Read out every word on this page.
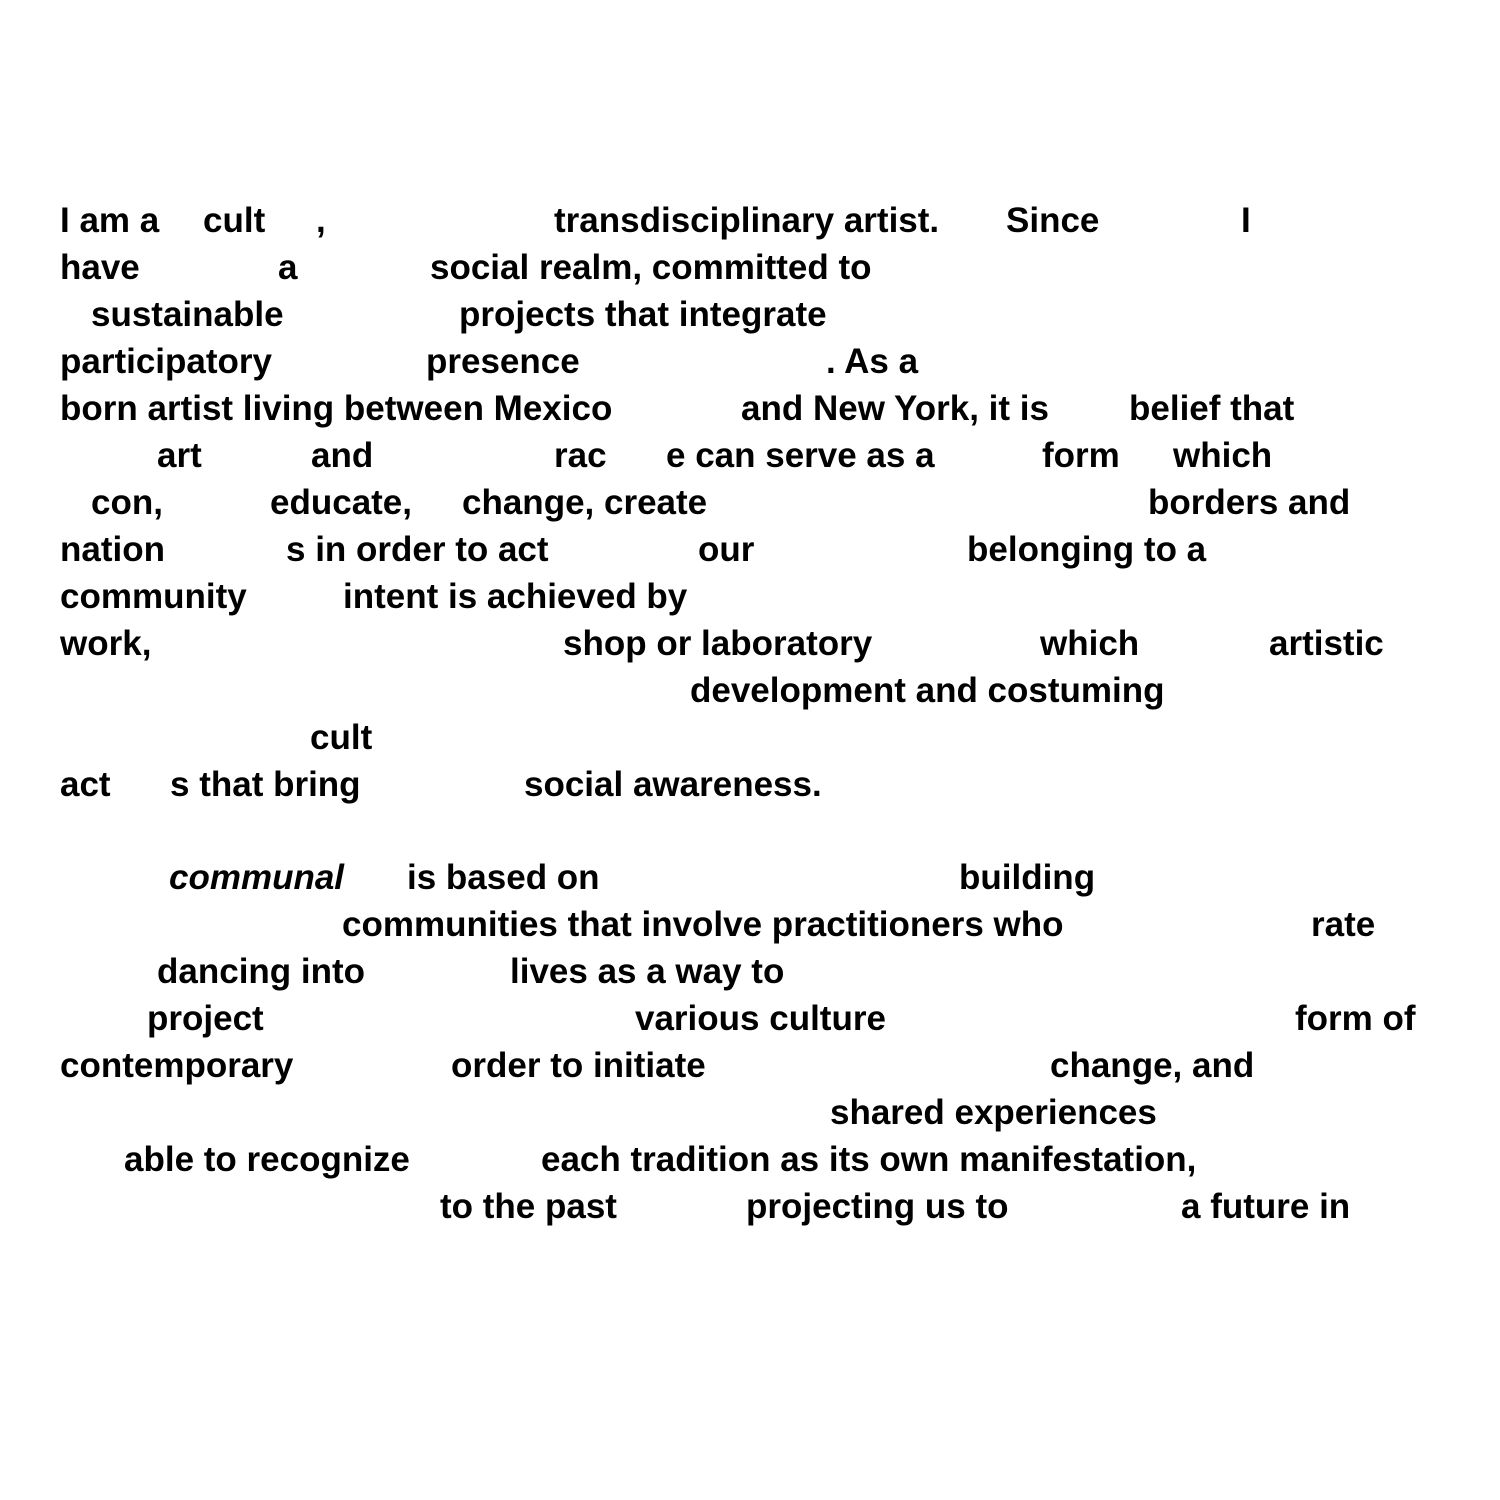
I am a cult ,	transdisciplinary artist. Since	I
have	a	social realm, committed to
sustainable	projects that integrate
participatory	presence	. As a
born artist living between Mexico	and New York, it is belief that
art	and	rac e can serve as a	form which
con,	educate, change, create	borders and
nation	s in order to act	our	belonging to a
community	intent is achieved by
work,	shop or laboratory	which	artistic
development and costuming
cult
act s that bring	social awareness.
communal is based on	building
communities that involve practitioners who	rate
dancing into	lives as a way to
project	various culture	form of
contemporary	order to initiate	change, and
shared experiences
able to recognize	each tradition as its own manifestation,
to the past	projecting us to	a future in
